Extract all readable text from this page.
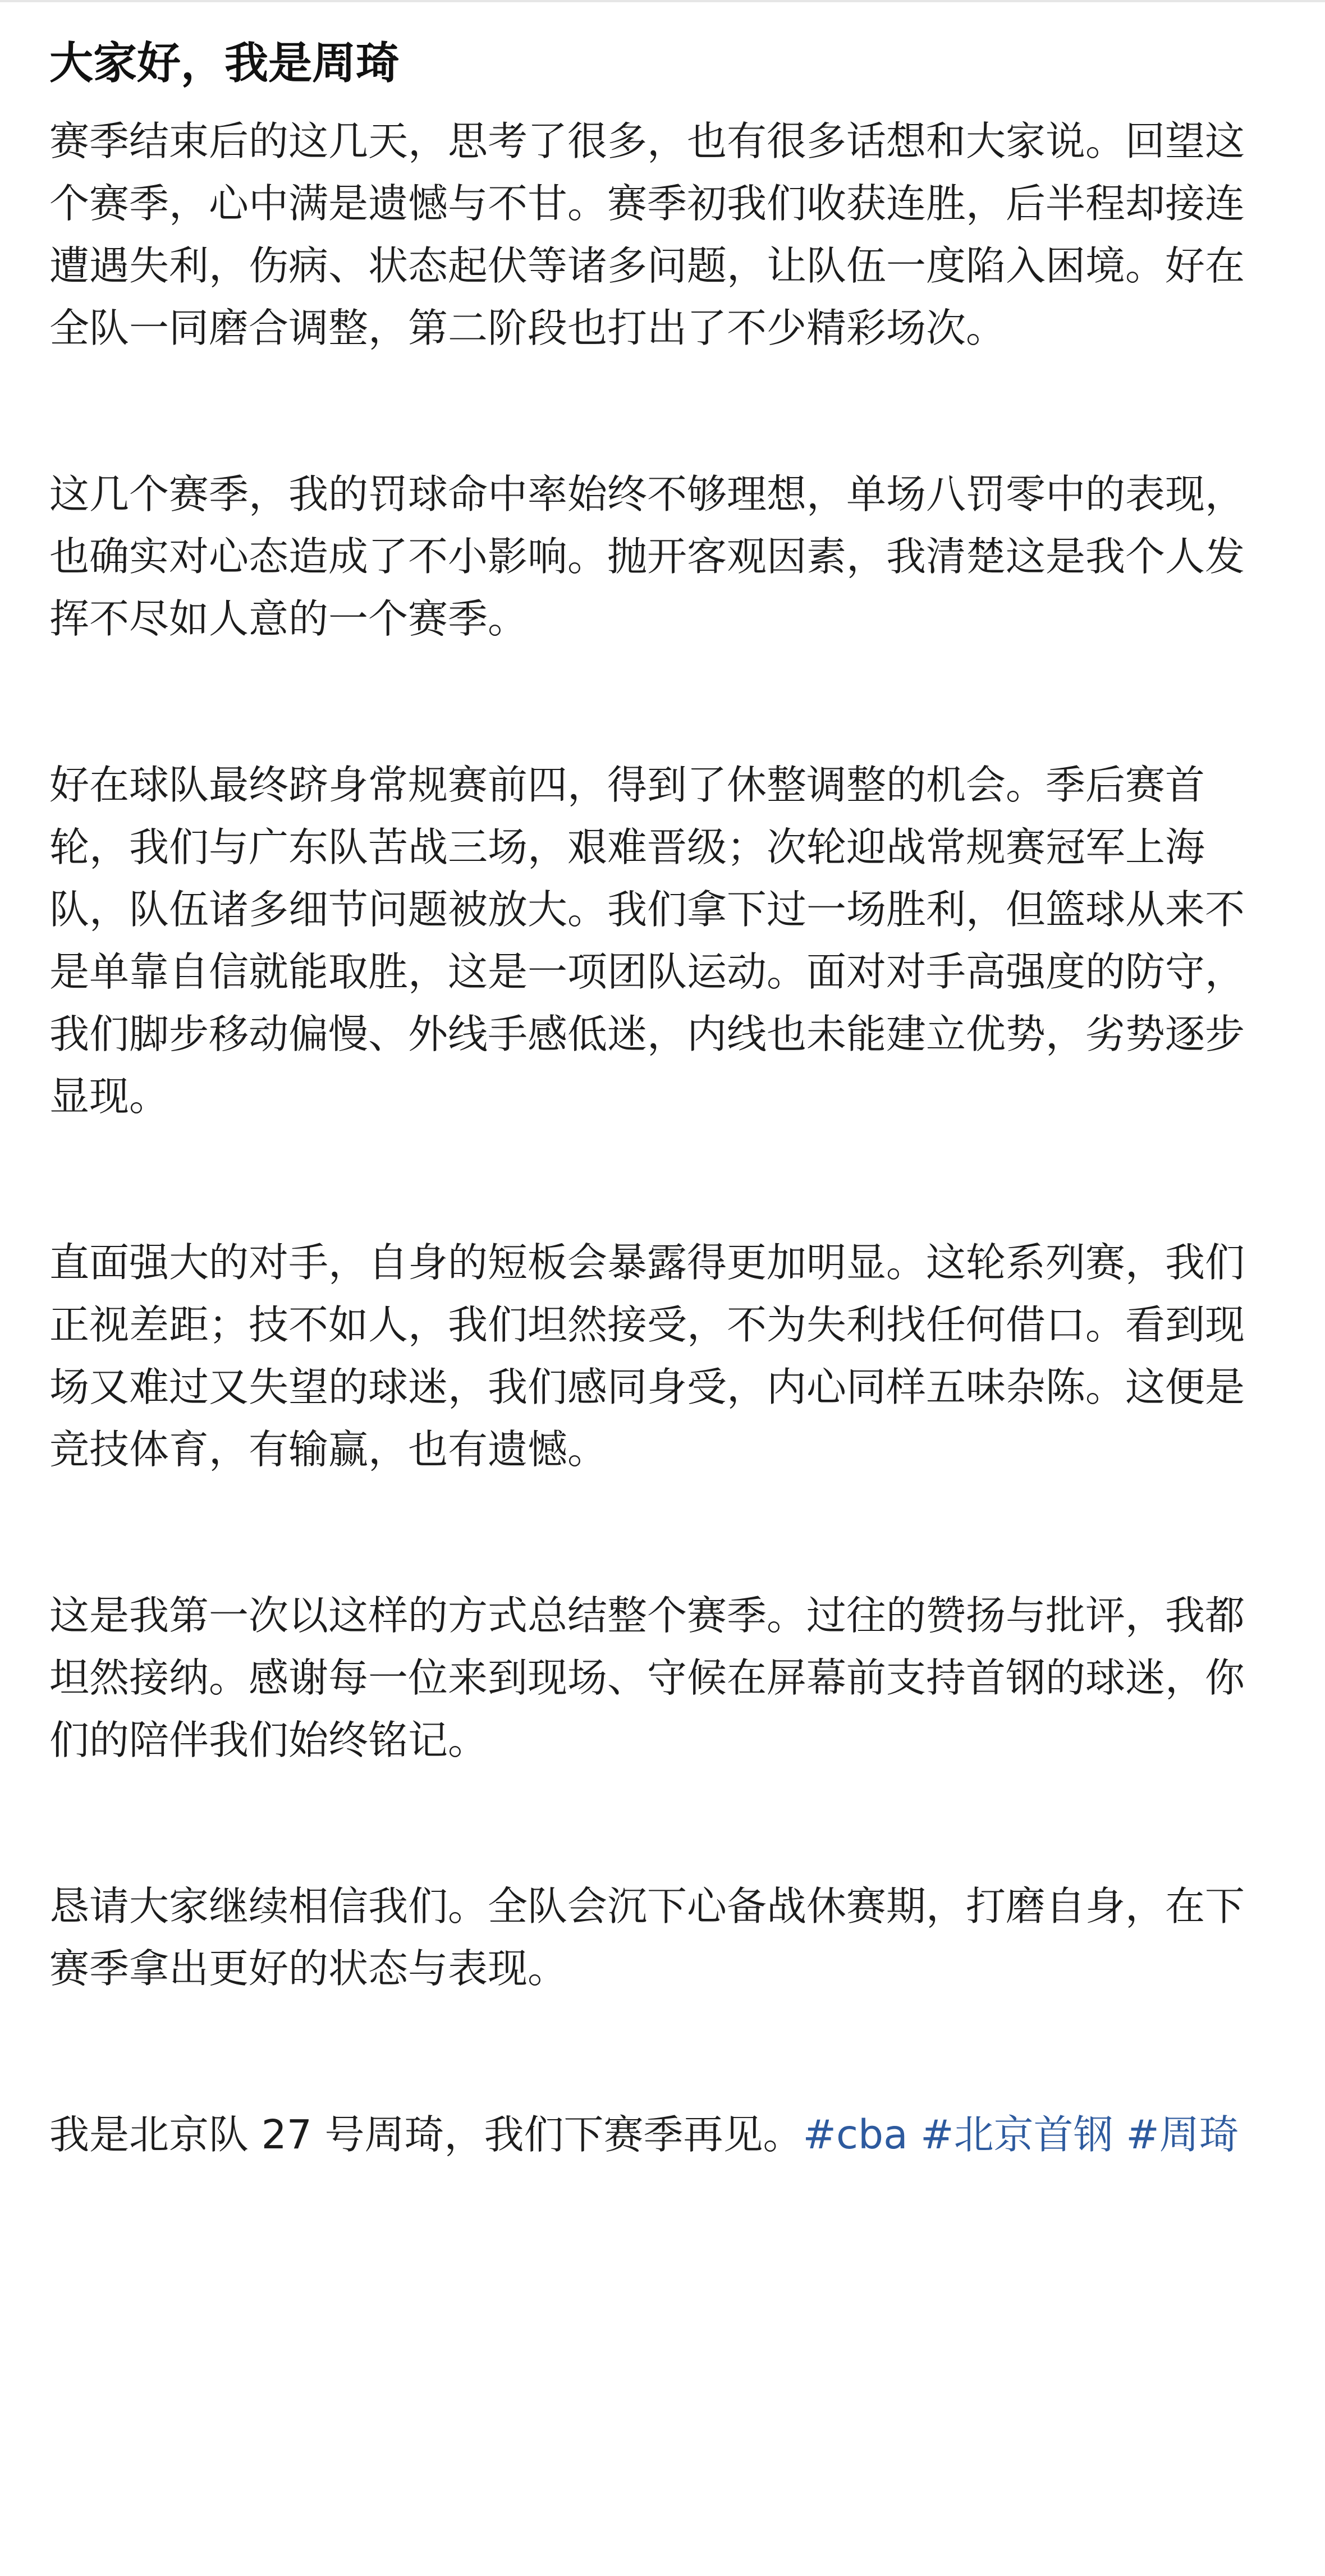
大家好，我是周琦

赛季结束后的这几天，思考了很多，也有很多话想和大家说。回望这个赛季，心中满是遗憾与不甘。赛季初我们收获连胜，后半程却接连遭遇失利，伤病、状态起伏等诸多问题，让队伍一度陷入困境。好在全队一同磨合调整，第二阶段也打出了不少精彩场次。

这几个赛季，我的罚球命中率始终不够理想，单场八罚零中的表现，也确实对心态造成了不小影响。抛开客观因素，我清楚这是我个人发挥不尽如人意的一个赛季。

好在球队最终跻身常规赛前四，得到了休整调整的机会。季后赛首轮，我们与广东队苦战三场，艰难晋级；次轮迎战常规赛冠军上海队，队伍诸多细节问题被放大。我们拿下过一场胜利，但篮球从来不是单靠自信就能取胜，这是一项团队运动。面对对手高强度的防守，我们脚步移动偏慢、外线手感低迷，内线也未能建立优势，劣势逐步显现。

直面强大的对手，自身的短板会暴露得更加明显。这轮系列赛，我们正视差距；技不如人，我们坦然接受，不为失利找任何借口。看到现场又难过又失望的球迷，我们感同身受，内心同样五味杂陈。这便是竞技体育，有输赢，也有遗憾。

这是我第一次以这样的方式总结整个赛季。过往的赞扬与批评，我都坦然接纳。感谢每一位来到现场、守候在屏幕前支持首钢的球迷，你们的陪伴我们始终铭记。

恳请大家继续相信我们。全队会沉下心备战休赛期，打磨自身，在下赛季拿出更好的状态与表现。

我是北京队 27 号周琦，我们下赛季再见。#cba #北京首钢 #周琦
